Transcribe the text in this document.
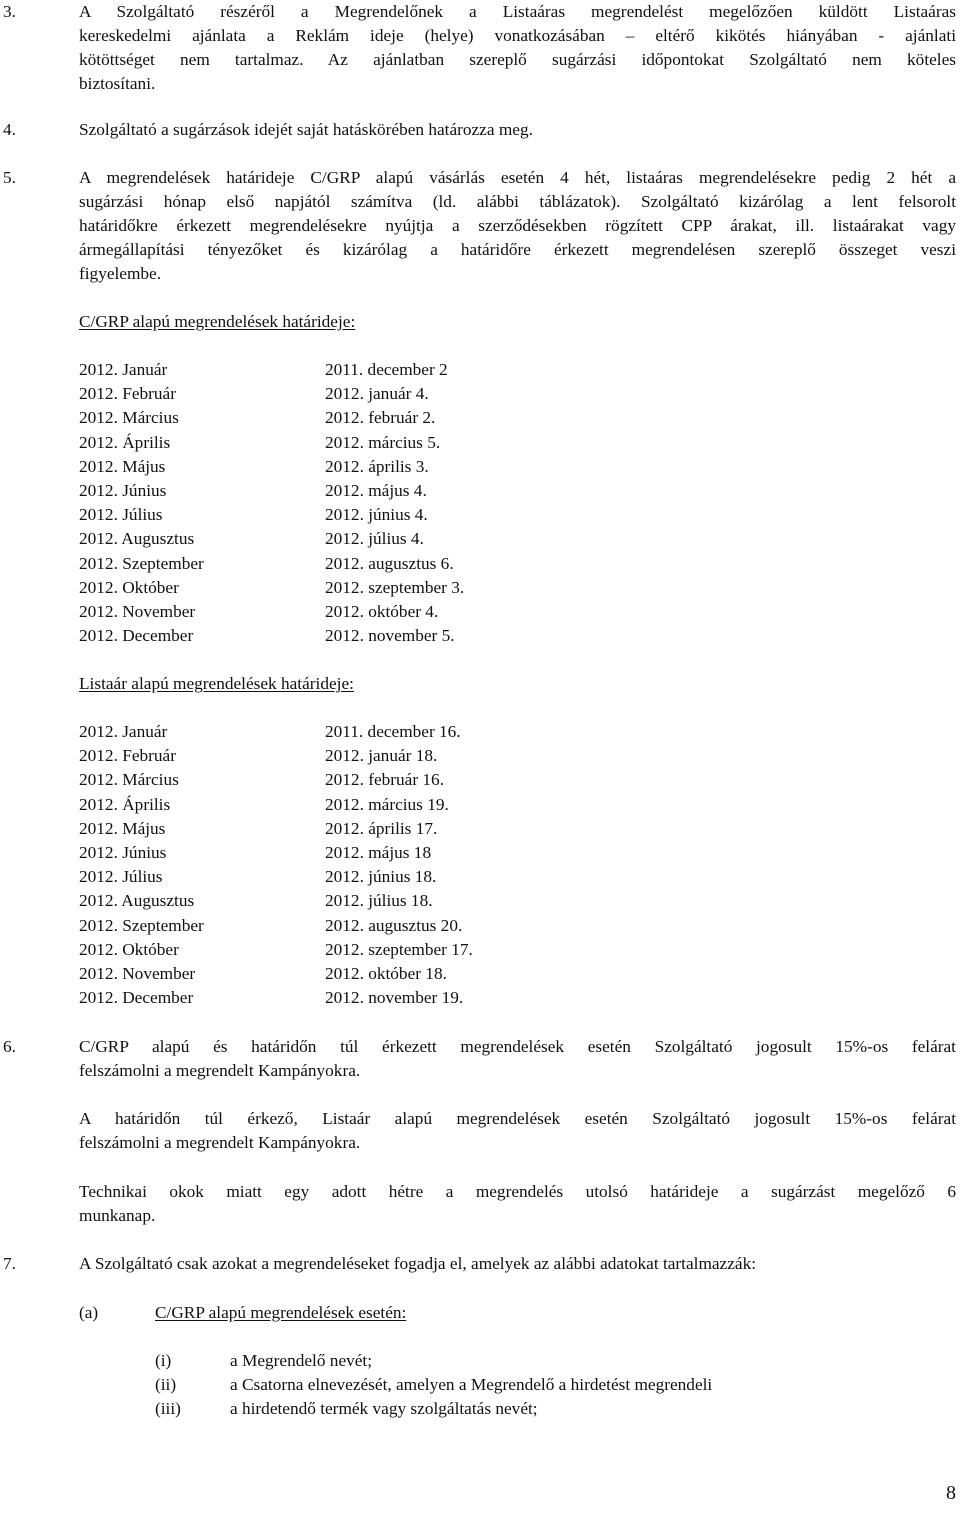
3.	A Szolgáltató részéről a Megrendelőnek a Listaáras megrendelést megelőzően küldött Listaáras
kereskedelmi ajánlata a Reklám ideje (helye) vonatkozásában – eltérő kikötés hiányában - ajánlati
kötöttséget nem tartalmaz. Az ajánlatban szereplő sugárzási időpontokat Szolgáltató nem köteles
biztosítani.
4.	Szolgáltató a sugárzások idejét saját hatáskörében határozza meg.
5.	A megrendelések határideje C/GRP alapú vásárlás esetén 4 hét, listaáras megrendelésekre pedig 2 hét a
sugárzási hónap első napjától számítva (ld. alábbi táblázatok). Szolgáltató kizárólag a lent felsorolt
határidőkre érkezett megrendelésekre nyújtja a szerződésekben rögzített CPP árakat, ill. listaárakat vagy
ármegállapítási tényezőket és kizárólag a határidőre érkezett megrendelésen szereplő összeget veszi
figyelembe.
C/GRP alapú megrendelések határideje:
2012. Január	2011. december 2
2012. Február	2012. január 4.
2012. Március	2012. február 2.
2012. Április	2012. március 5.
2012. Május	2012. április 3.
2012. Június	2012. május 4.
2012. Július	2012. június 4.
2012. Augusztus	2012. július 4.
2012. Szeptember	2012. augusztus 6.
2012. Október	2012. szeptember 3.
2012. November	2012. október 4.
2012. December	2012. november 5.
Listaár alapú megrendelések határideje:
2012. Január	2011. december 16.
2012. Február	2012. január 18.
2012. Március	2012. február 16.
2012. Április	2012. március 19.
2012. Május	2012. április 17.
2012. Június	2012. május 18
2012. Július	2012. június 18.
2012. Augusztus	2012. július 18.
2012. Szeptember	2012. augusztus 20.
2012. Október	2012. szeptember 17.
2012. November	2012. október 18.
2012. December	2012. november 19.
6.	C/GRP alapú és határidőn túl érkezett megrendelések esetén Szolgáltató jogosult 15%-os felárat
felszámolni a megrendelt Kampányokra.
A határidőn túl érkező, Listaár alapú megrendelések esetén Szolgáltató jogosult 15%-os felárat
felszámolni a megrendelt Kampányokra.
Technikai okok miatt egy adott hétre a megrendelés utolsó határideje a sugárzást megelőző 6
munkanap.
7.	A Szolgáltató csak azokat a megrendeléseket fogadja el, amelyek az alábbi adatokat tartalmazzák:
(a)	C/GRP alapú megrendelések esetén:
(i)	a Megrendelő nevét;
(ii)	a Csatorna elnevezését, amelyen a Megrendelő a hirdetést megrendeli
(iii)	a hirdetendő termék vagy szolgáltatás nevét;
8
